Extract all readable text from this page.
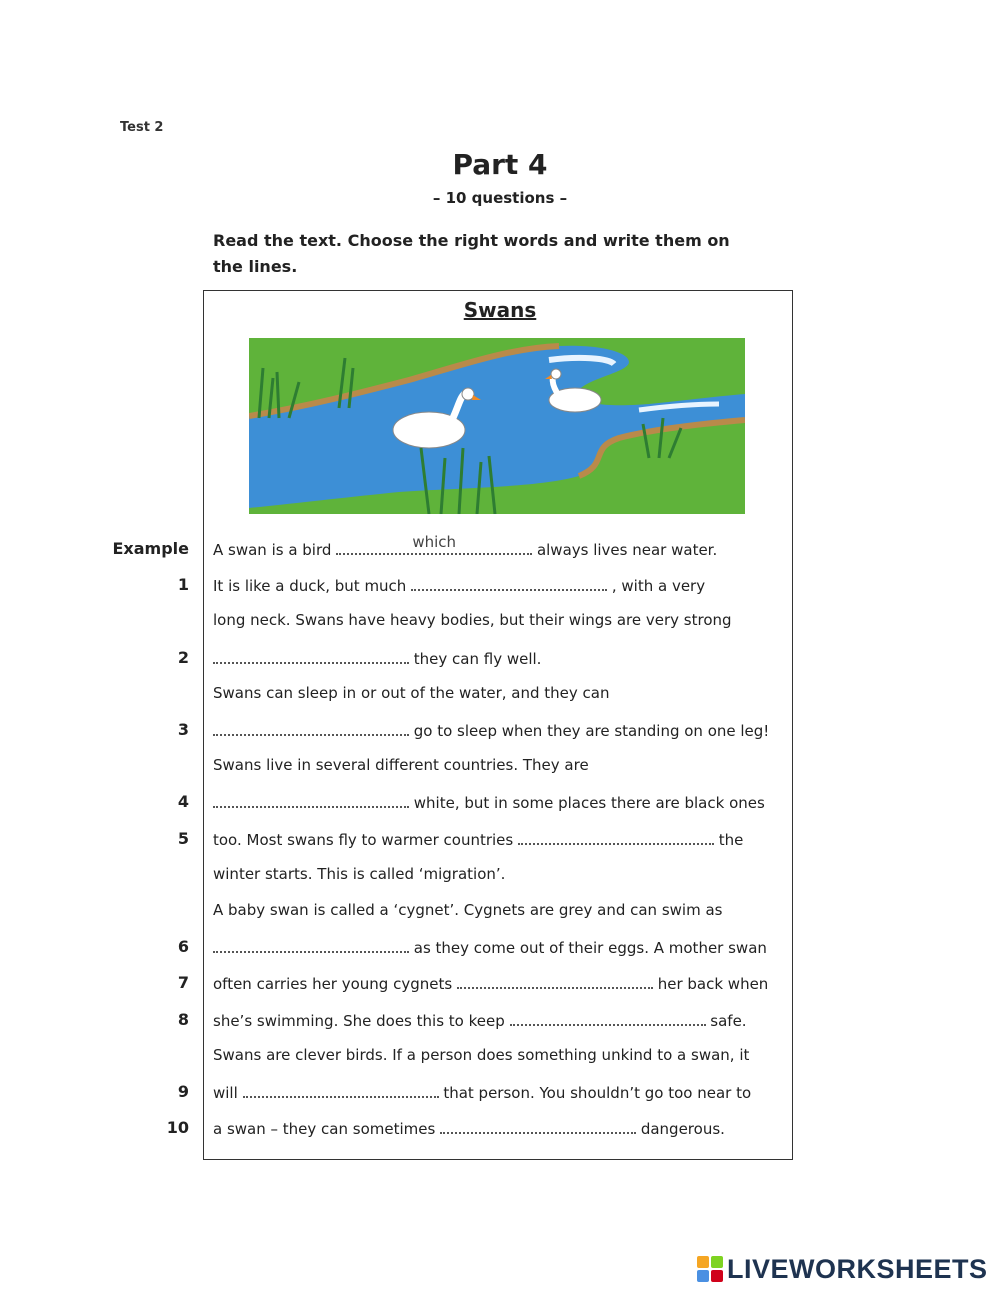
Test 2
Part 4
– 10 questions –
Read the text. Choose the right words and write them on the lines.
Swans
Example A swan is a bird	which	always lives near water.
1 It is like a duck, but much	, with a very
long neck. Swans have heavy bodies, but their wings are very strong
2	they can fly well.
Swans can sleep in or out of the water, and they can
3	go to sleep when they are standing on one leg!
Swans live in several different countries. They are
4	white, but in some places there are black ones
5 too. Most swans fly to warmer countries	the
winter starts. This is called ‘migration’.
A baby swan is called a ‘cygnet’. Cygnets are grey and can swim as
6	as they come out of their eggs. A mother swan
7 often carries her young cygnets	her back when
8 she’s swimming. She does this to keep	safe.
Swans are clever birds. If a person does something unkind to a swan, it
9 will	that person. You shouldn’t go too near to
10 a swan – they can sometimes	dangerous.
LIVEWORKSHEETS
